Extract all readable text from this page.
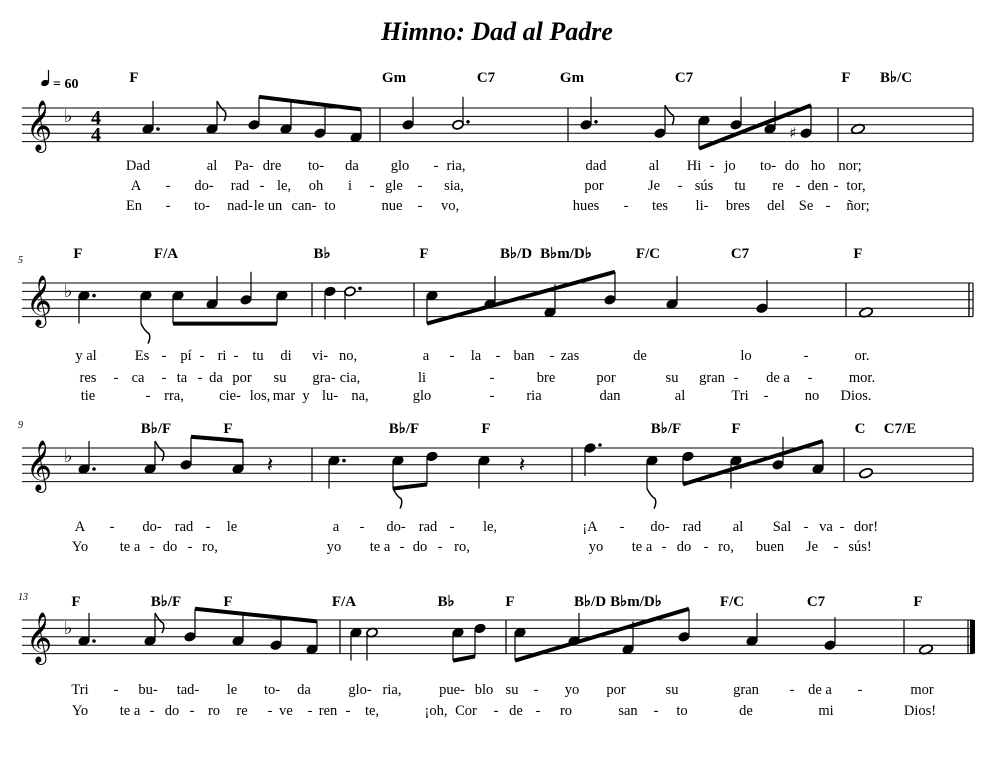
Himno: Dad al Padre
= 60
𝄞 ♭ 4
4	♯
F	Gm	C7	Gm	C7	F B♭/C
Dad	al Pa- dre to- da glo - ria,	dad	al Hi - jo to- do ho nor;
A - do- rad - le, oh i - gle - sia,	por	Je - sús tu re - den - tor,
En - to- nad- le un can- to	nue - vo,	hues - tes li- bres del Se - ñor;
𝄞 ♭
5	F	F/A	B♭	F	B♭/D B♭m/D♭	F/C	C7	F
y al	Es - pí - ri - tu di vi- no,	a - la - ban - zas	de	lo	-	or.
res - ca - ta - da por su gra- cia,	li	-	bre	por	su gran - de a -	mor.
tie	- rra, cie- los, mar y lu- na,	glo	- ria	dan	al	Tri -	no Dios.
𝄞 ♭
9
𝄽	𝄽
B♭/F	F	B♭/F	F	B♭/F	F	C C7/E
A - do- rad - le	a - do- rad - le,	¡A - do- rad al Sal - va - dor!
Yo te a - do - ro,	yo te a - do - ro,	yo te a - do - ro, buen Je - sús!
𝄞 ♭
13	F	B♭/F	F	F/A	B♭	F	B♭/D B♭m/D♭	F/C	C7	F
Tri - bu- tad- le to- da	glo- ria,	pue- blo su - yo por	su	gran - de a -	mor
Yo te a - do - ro re - ve - ren - te,	¡oh, Cor - de - ro	san - to	de	mi	Dios!
